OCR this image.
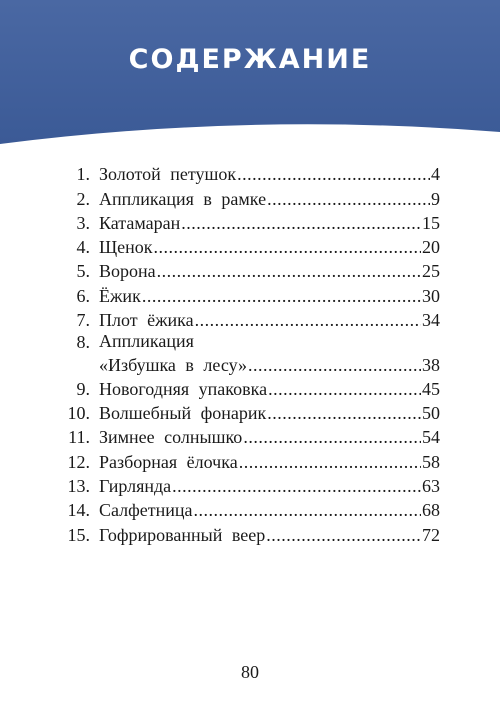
СОДЕРЖАНИЕ
1. Золотой петушок .....	4
2. Аппликация в рамке .....	9
3. Катамаран .....	15
4. Щенок .....	20
5. Ворона .....	25
6. Ёжик .....	30
7. Плот ёжика .....	34
8. Аппликация
«Избушка в лесу» .....	38
9. Новогодняя упаковка .....	45
10. Волшебный фонарик .....	50
11. Зимнее солнышко .....	54
12. Разборная ёлочка .....	58
13. Гирлянда .....	63
14. Салфетница .....	68
15. Гофрированный веер .....	72
80
